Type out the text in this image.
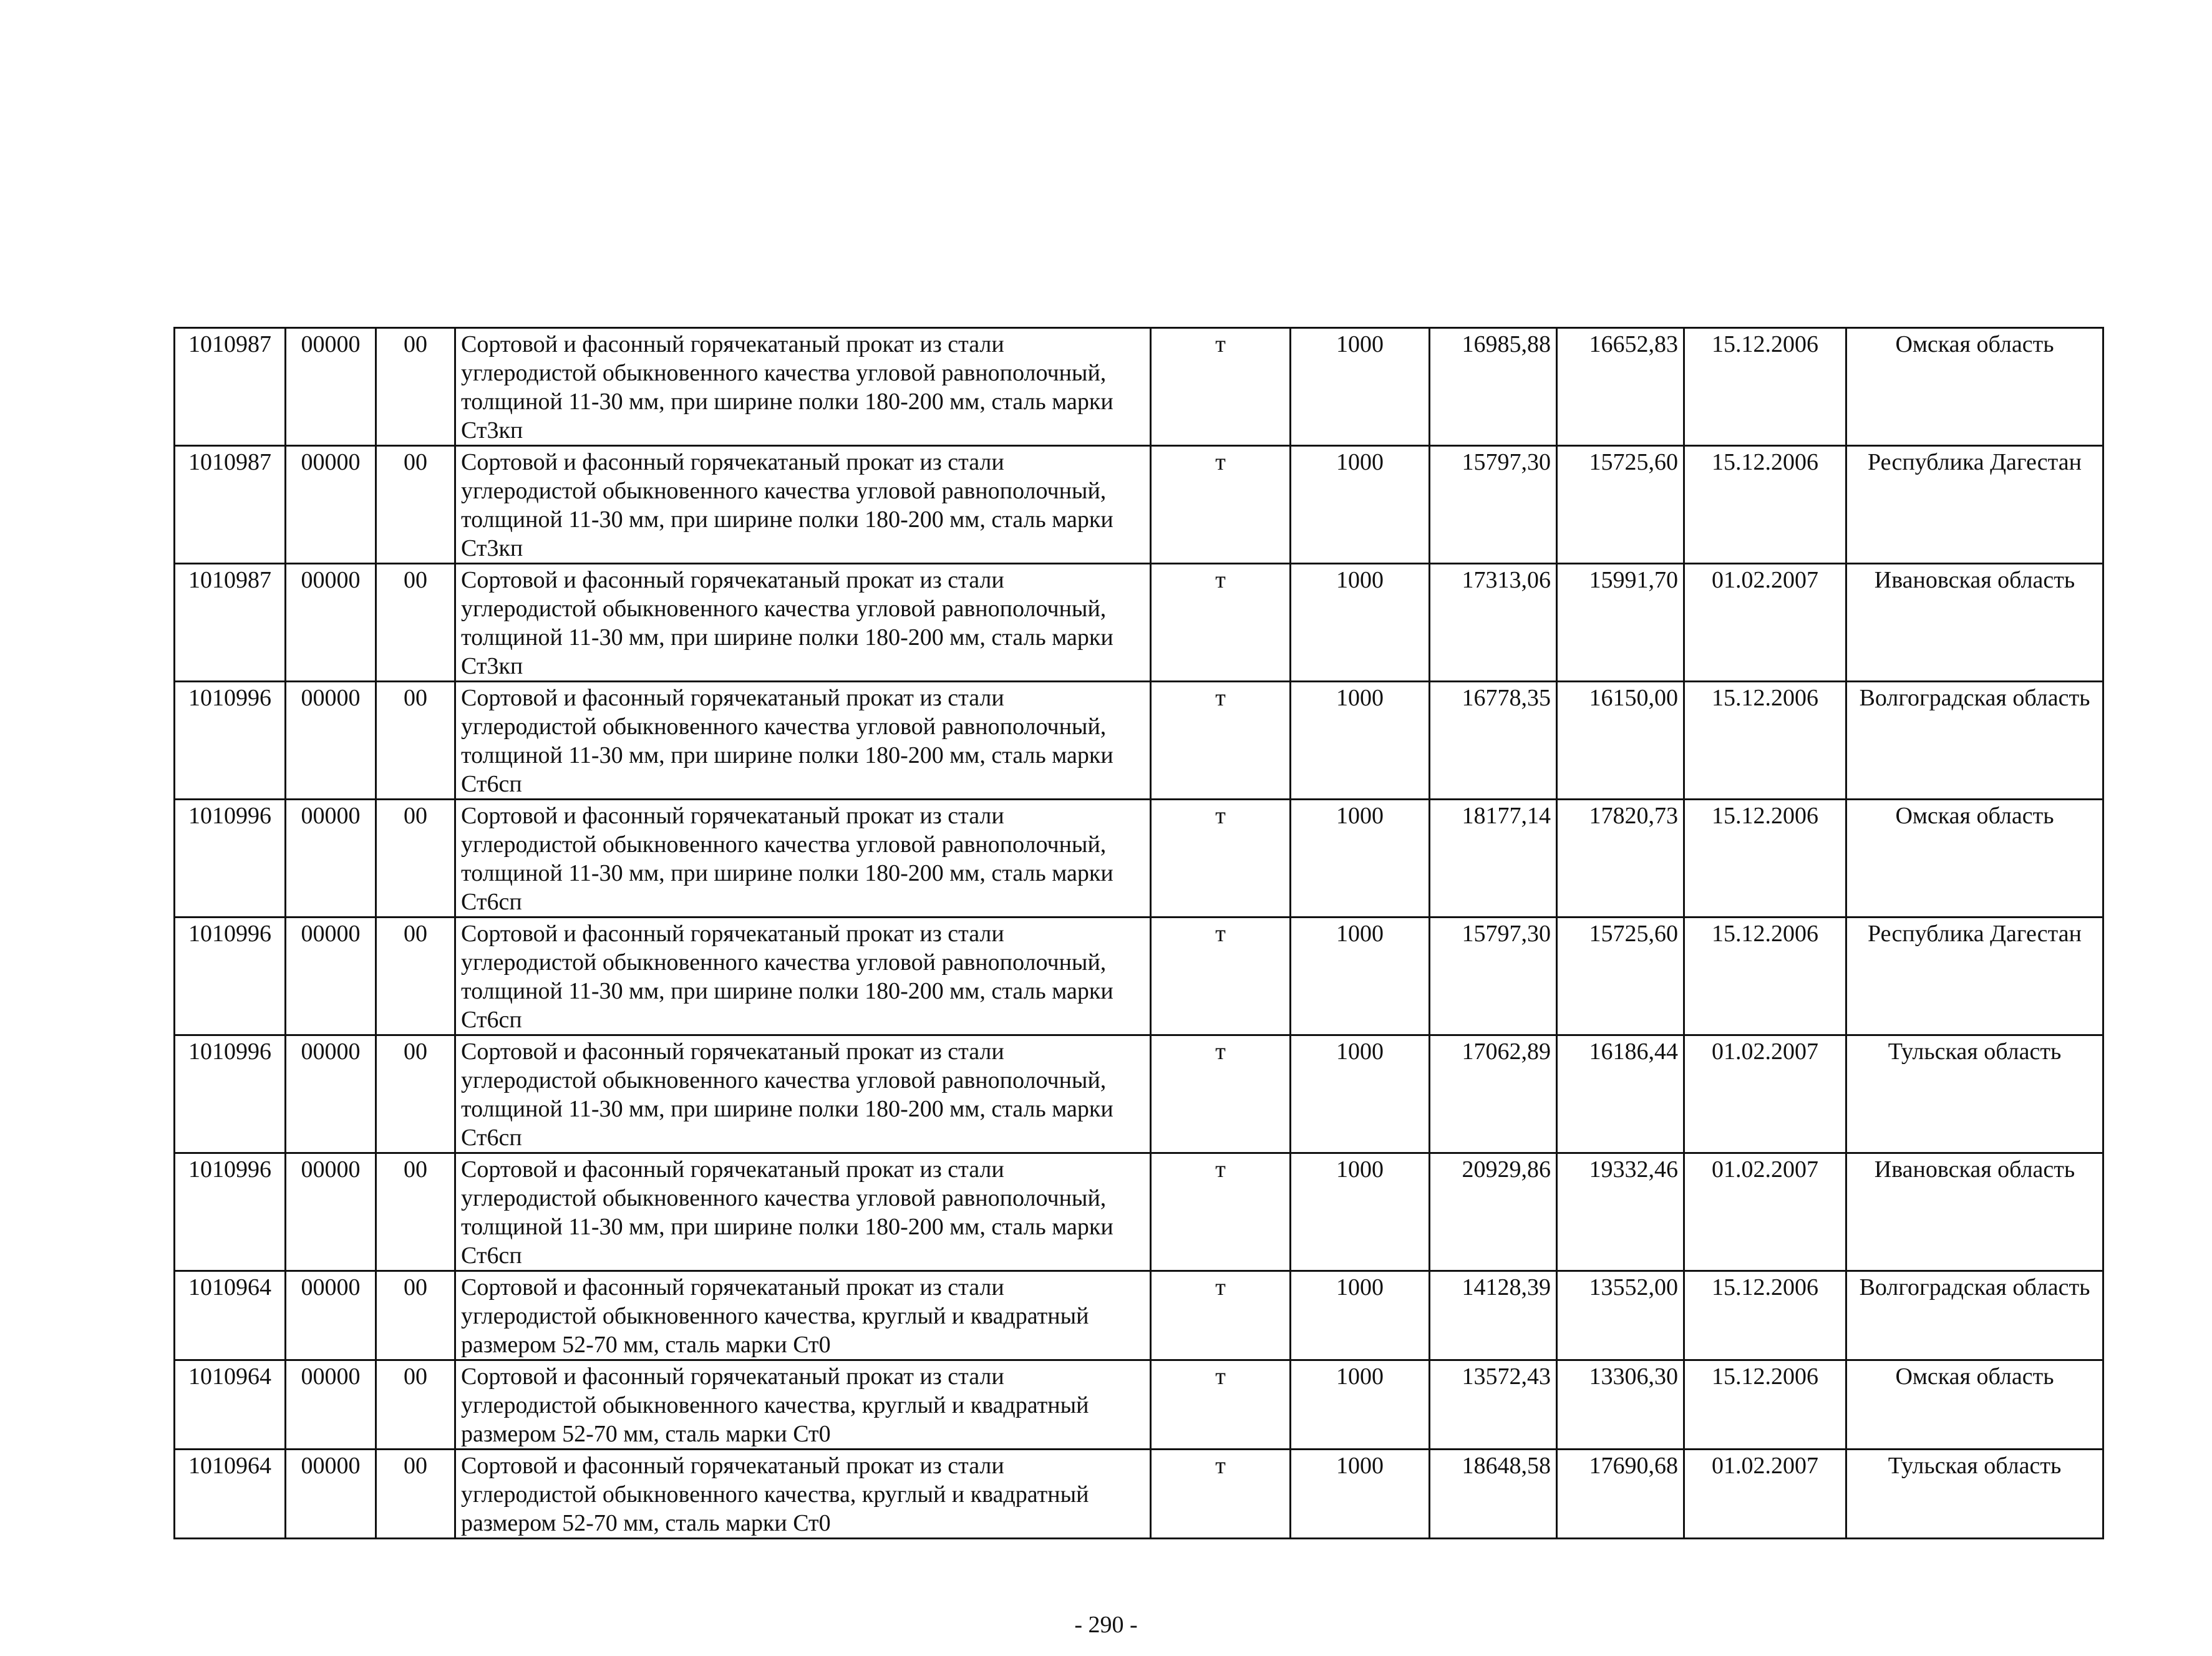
1010987	00000	00	Сортовой и фасонный горячекатаный прокат из стали углеродистой обыкновенного качества угловой равнополочный, толщиной 11-30 мм, при ширине полки 180-200 мм, сталь марки Ст3кп	т	1000	16985,88	16652,83	15.12.2006	Омская область
1010987	00000	00	Сортовой и фасонный горячекатаный прокат из стали углеродистой обыкновенного качества угловой равнополочный, толщиной 11-30 мм, при ширине полки 180-200 мм, сталь марки Ст3кп	т	1000	15797,30	15725,60	15.12.2006	Республика Дагестан
1010987	00000	00	Сортовой и фасонный горячекатаный прокат из стали углеродистой обыкновенного качества угловой равнополочный, толщиной 11-30 мм, при ширине полки 180-200 мм, сталь марки Ст3кп	т	1000	17313,06	15991,70	01.02.2007	Ивановская область
1010996	00000	00	Сортовой и фасонный горячекатаный прокат из стали углеродистой обыкновенного качества угловой равнополочный, толщиной 11-30 мм, при ширине полки 180-200 мм, сталь марки Ст6сп	т	1000	16778,35	16150,00	15.12.2006	Волгоградская область
1010996	00000	00	Сортовой и фасонный горячекатаный прокат из стали углеродистой обыкновенного качества угловой равнополочный, толщиной 11-30 мм, при ширине полки 180-200 мм, сталь марки Ст6сп	т	1000	18177,14	17820,73	15.12.2006	Омская область
1010996	00000	00	Сортовой и фасонный горячекатаный прокат из стали углеродистой обыкновенного качества угловой равнополочный, толщиной 11-30 мм, при ширине полки 180-200 мм, сталь марки Ст6сп	т	1000	15797,30	15725,60	15.12.2006	Республика Дагестан
1010996	00000	00	Сортовой и фасонный горячекатаный прокат из стали углеродистой обыкновенного качества угловой равнополочный, толщиной 11-30 мм, при ширине полки 180-200 мм, сталь марки Ст6сп	т	1000	17062,89	16186,44	01.02.2007	Тульская область
1010996	00000	00	Сортовой и фасонный горячекатаный прокат из стали углеродистой обыкновенного качества угловой равнополочный, толщиной 11-30 мм, при ширине полки 180-200 мм, сталь марки Ст6сп	т	1000	20929,86	19332,46	01.02.2007	Ивановская область
1010964	00000	00	Сортовой и фасонный горячекатаный прокат из стали углеродистой обыкновенного качества, круглый и квадратный размером 52-70 мм, сталь марки Ст0	т	1000	14128,39	13552,00	15.12.2006	Волгоградская область
1010964	00000	00	Сортовой и фасонный горячекатаный прокат из стали углеродистой обыкновенного качества, круглый и квадратный размером 52-70 мм, сталь марки Ст0	т	1000	13572,43	13306,30	15.12.2006	Омская область
1010964	00000	00	Сортовой и фасонный горячекатаный прокат из стали углеродистой обыкновенного качества, круглый и квадратный размером 52-70 мм, сталь марки Ст0	т	1000	18648,58	17690,68	01.02.2007	Тульская область
- 290 -
